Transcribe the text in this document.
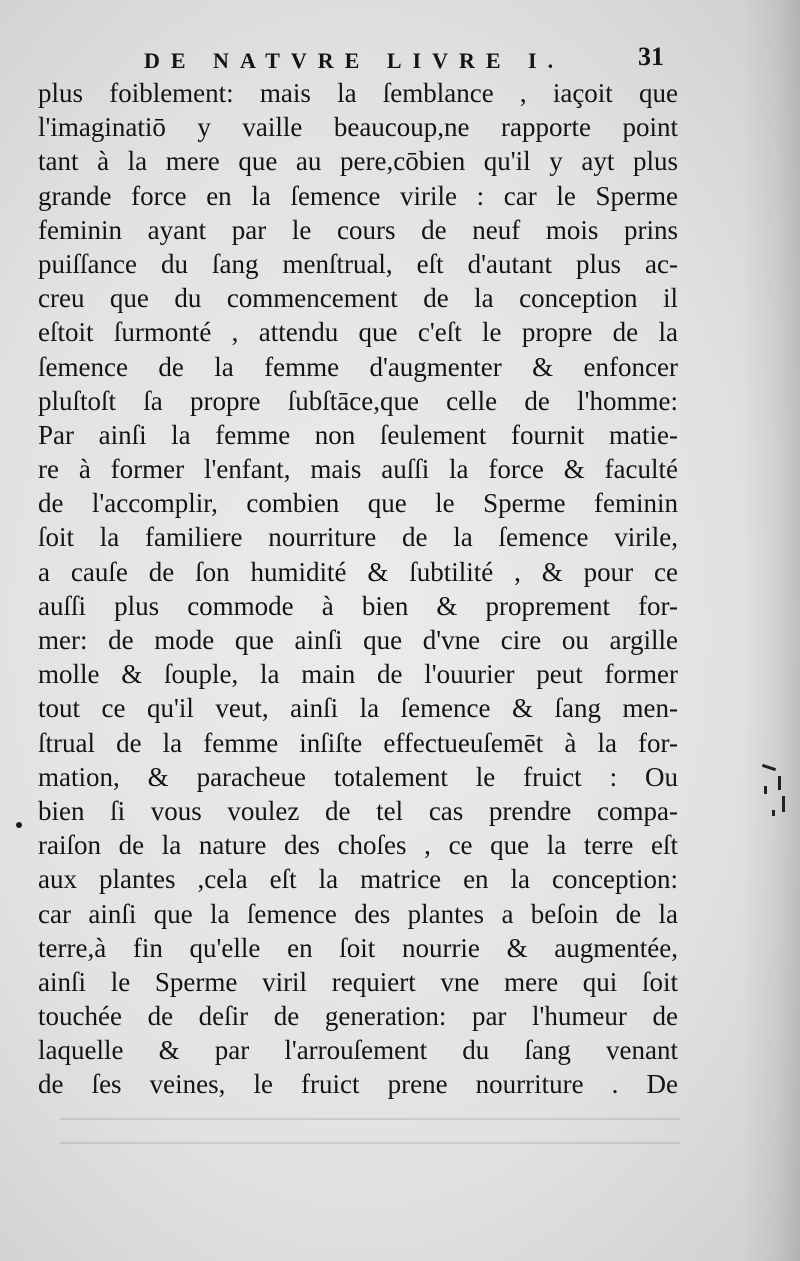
DE NATVRE LIVRE I.	31
plus foiblement: mais la ſemblance , iaçoit que
l'imaginatiō y vaille beaucoup,ne rapporte point
tant à la mere que au pere,cōbien qu'il y ayt plus
grande force en la ſemence virile : car le Sperme
feminin ayant par le cours de neuf mois prins
puiſſance du ſang menſtrual, eſt d'autant plus ac-
creu que du commencement de la conception il
eſtoit ſurmonté , attendu que c'eſt le propre de la
ſemence de la femme d'augmenter & enfoncer
pluſtoſt ſa propre ſubſtāce,que celle de l'homme:
Par ainſi la femme non ſeulement fournit matie-
re à former l'enfant, mais auſſi la force & faculté
de l'accomplir, combien que le Sperme feminin
ſoit la familiere nourriture de la ſemence virile,
a cauſe de ſon humidité & ſubtilité , & pour ce
auſſi plus commode à bien & proprement for-
mer: de mode que ainſi que d'vne cire ou argille
molle & ſouple, la main de l'ouurier peut former
tout ce qu'il veut, ainſi la ſemence & ſang men-
ſtrual de la femme inſiſte effectueuſemēt à la for-
mation, & paracheue totalement le fruict : Ou
bien ſi vous voulez de tel cas prendre compa-
raiſon de la nature des choſes , ce que la terre eſt
aux plantes ,cela eſt la matrice en la conception:
car ainſi que la ſemence des plantes a beſoin de la
terre,à fin qu'elle en ſoit nourrie & augmentée,
ainſi le Sperme viril requiert vne mere qui ſoit
touchée de deſir de generation: par l'humeur de
laquelle & par l'arrouſement du ſang venant
de ſes veines, le fruict prene nourriture . De
